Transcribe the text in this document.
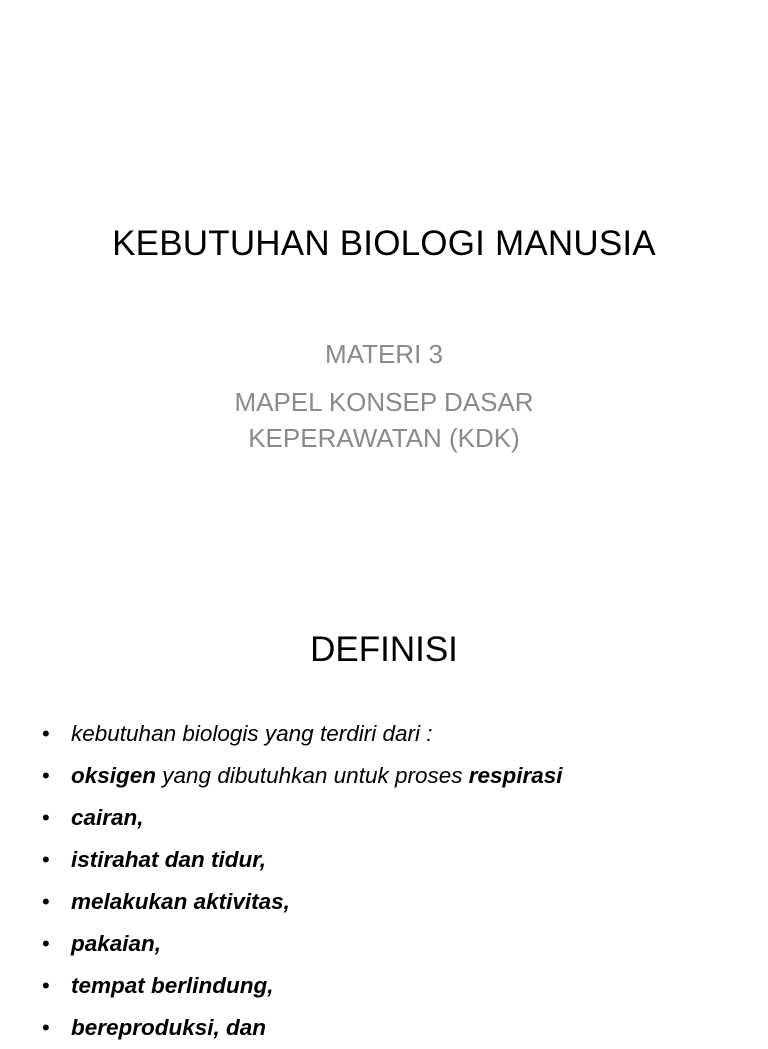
KEBUTUHAN BIOLOGI MANUSIA
MATERI 3
MAPEL KONSEP DASAR
KEPERAWATAN (KDK)
DEFINISI
• kebutuhan biologis yang terdiri dari :
• oksigen yang dibutuhkan untuk proses respirasi
• cairan,
• istirahat dan tidur,
• melakukan aktivitas,
• pakaian,
• tempat berlindung,
• bereproduksi, dan
